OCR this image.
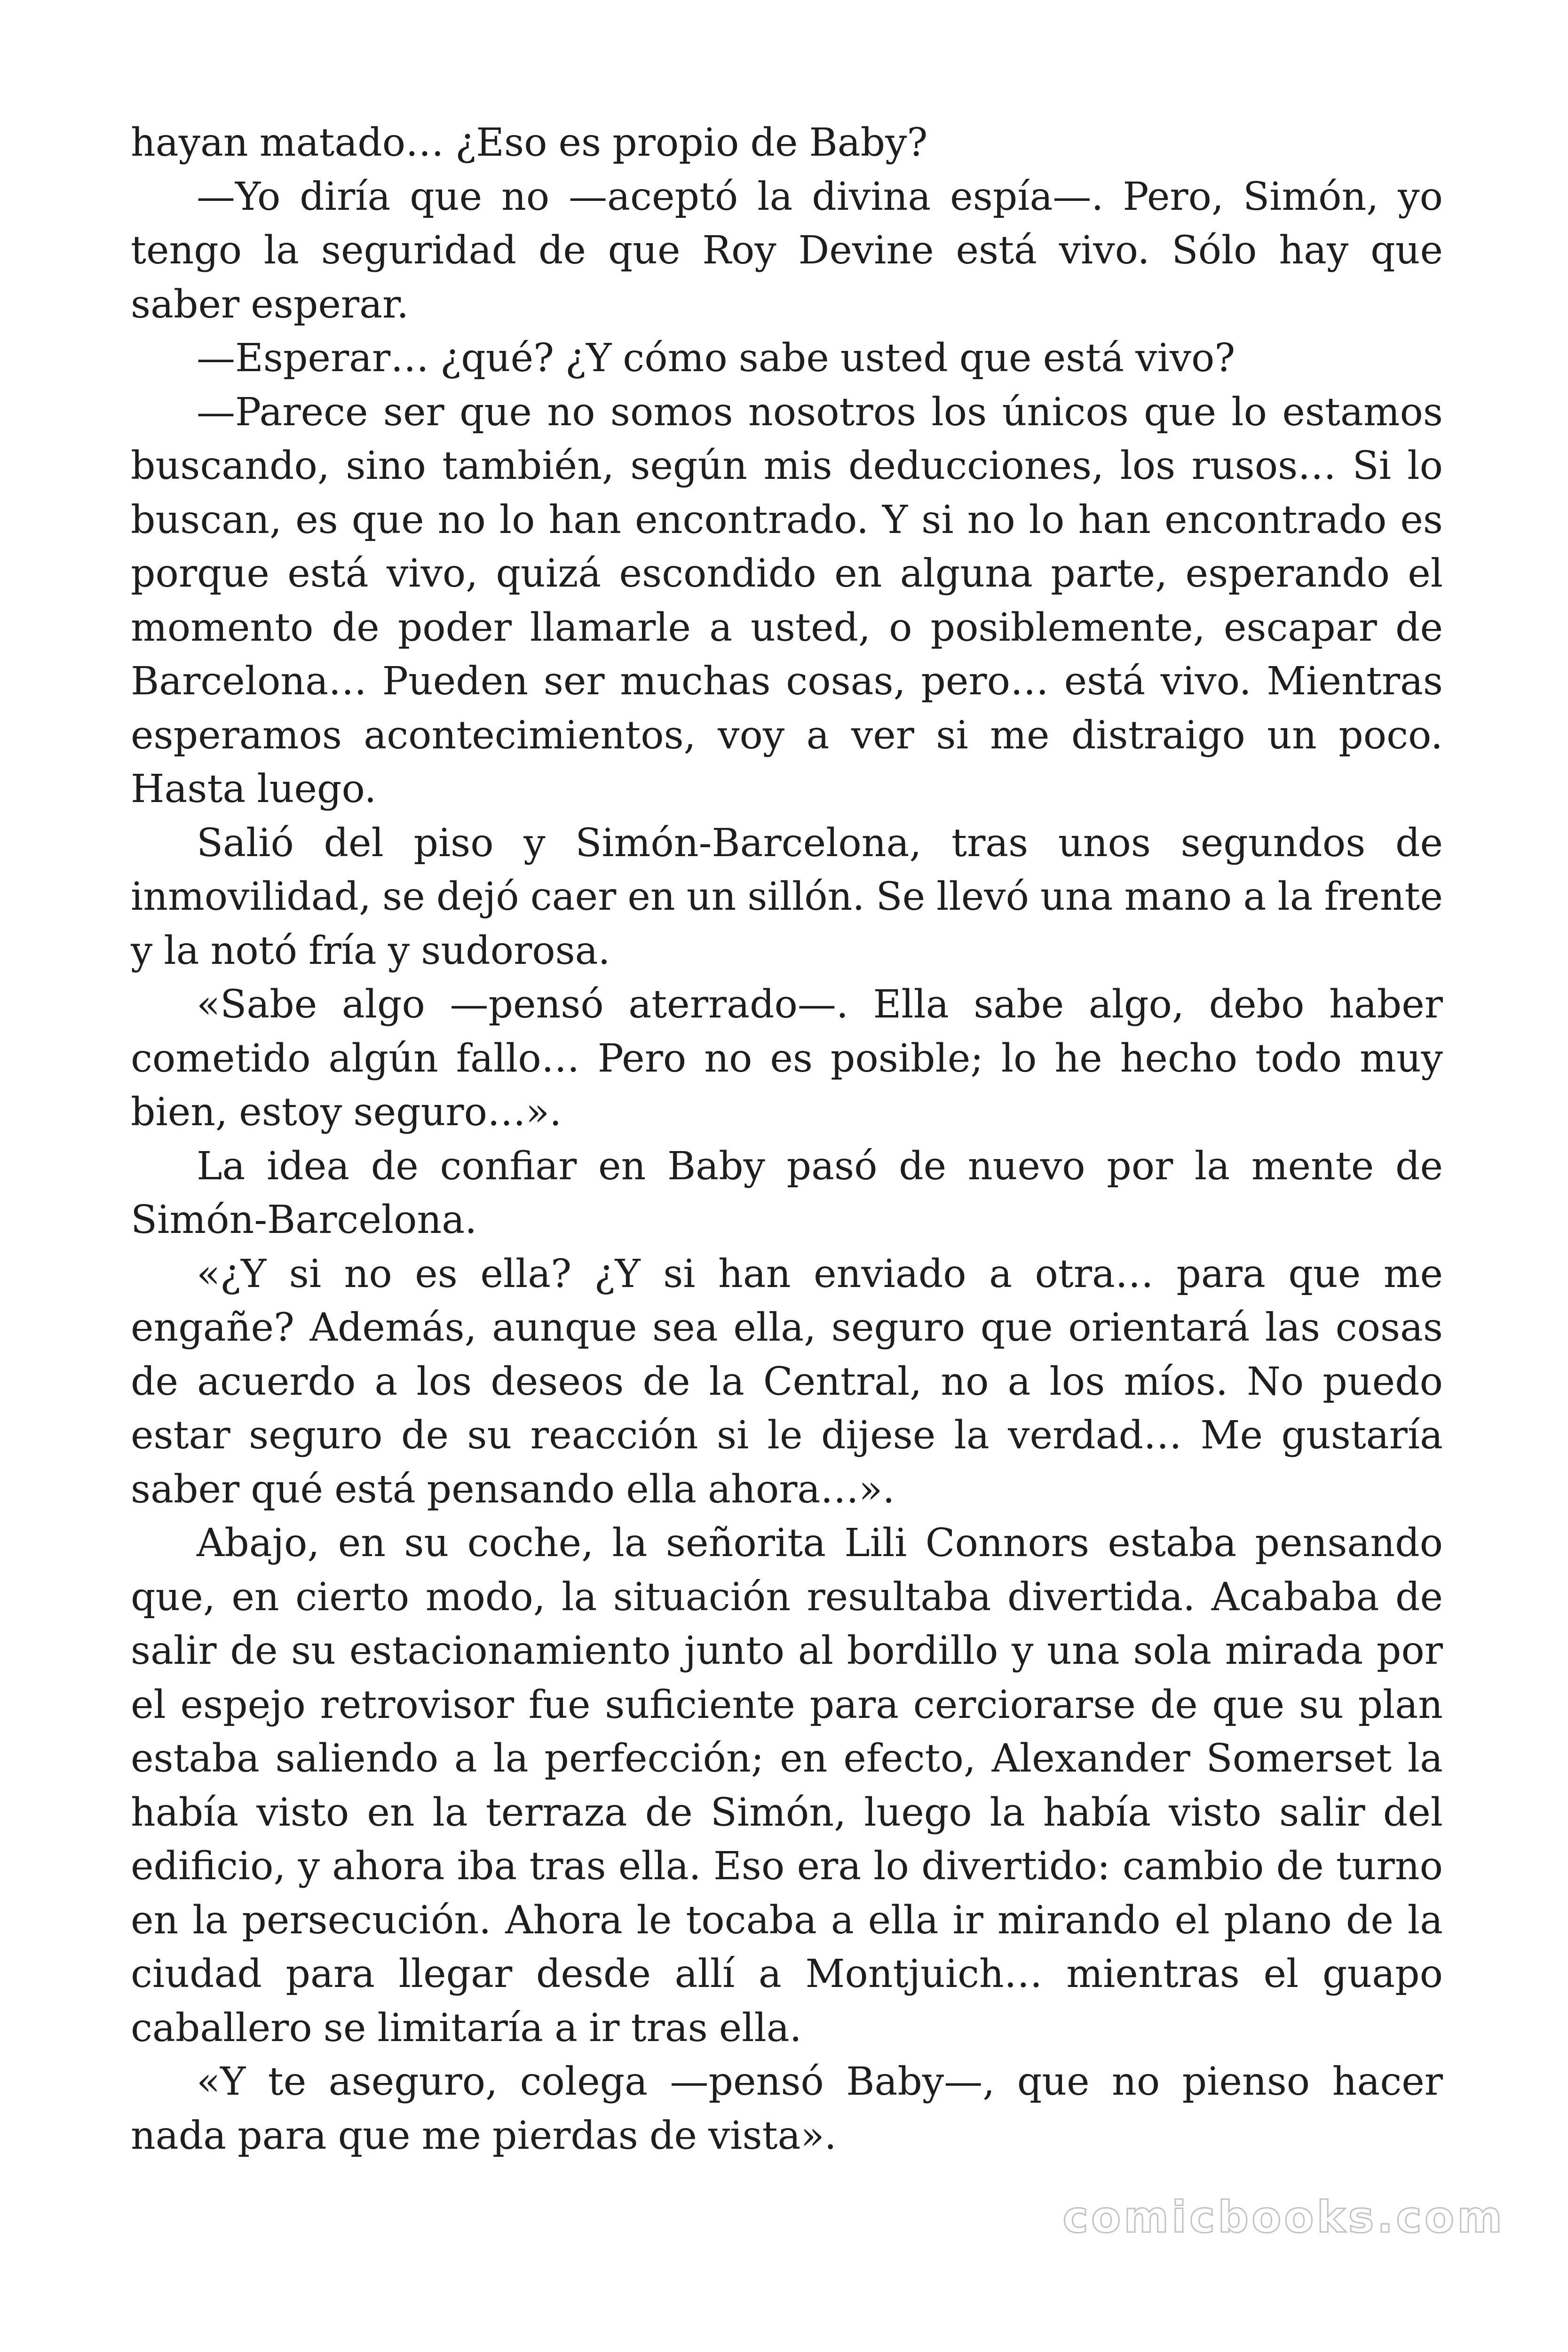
hayan matado… ¿Eso es propio de Baby?

—Yo diría que no —aceptó la divina espía—. Pero, Simón, yo tengo la seguridad de que Roy Devine está vivo. Sólo hay que saber esperar.

—Esperar… ¿qué? ¿Y cómo sabe usted que está vivo?

—Parece ser que no somos nosotros los únicos que lo estamos buscando, sino también, según mis deducciones, los rusos… Si lo buscan, es que no lo han encontrado. Y si no lo han encontrado es porque está vivo, quizá escondido en alguna parte, esperando el momento de poder llamarle a usted, o posiblemente, escapar de Barcelona… Pueden ser muchas cosas, pero… está vivo. Mientras esperamos acontecimientos, voy a ver si me distraigo un poco. Hasta luego.

Salió del piso y Simón-Barcelona, tras unos segundos de inmovilidad, se dejó caer en un sillón. Se llevó una mano a la frente y la notó fría y sudorosa.

«Sabe algo —pensó aterrado—. Ella sabe algo, debo haber cometido algún fallo… Pero no es posible; lo he hecho todo muy bien, estoy seguro…».

La idea de confiar en Baby pasó de nuevo por la mente de Simón-Barcelona.

«¿Y si no es ella? ¿Y si han enviado a otra… para que me engañe? Además, aunque sea ella, seguro que orientará las cosas de acuerdo a los deseos de la Central, no a los míos. No puedo estar seguro de su reacción si le dijese la verdad… Me gustaría saber qué está pensando ella ahora…».

Abajo, en su coche, la señorita Lili Connors estaba pensando que, en cierto modo, la situación resultaba divertida. Acababa de salir de su estacionamiento junto al bordillo y una sola mirada por el espejo retrovisor fue suficiente para cerciorarse de que su plan estaba saliendo a la perfección; en efecto, Alexander Somerset la había visto en la terraza de Simón, luego la había visto salir del edificio, y ahora iba tras ella. Eso era lo divertido: cambio de turno en la persecución. Ahora le tocaba a ella ir mirando el plano de la ciudad para llegar desde allí a Montjuich… mientras el guapo caballero se limitaría a ir tras ella.

«Y te aseguro, colega —pensó Baby—, que no pienso hacer nada para que me pierdas de vista».

comicbooks.com
